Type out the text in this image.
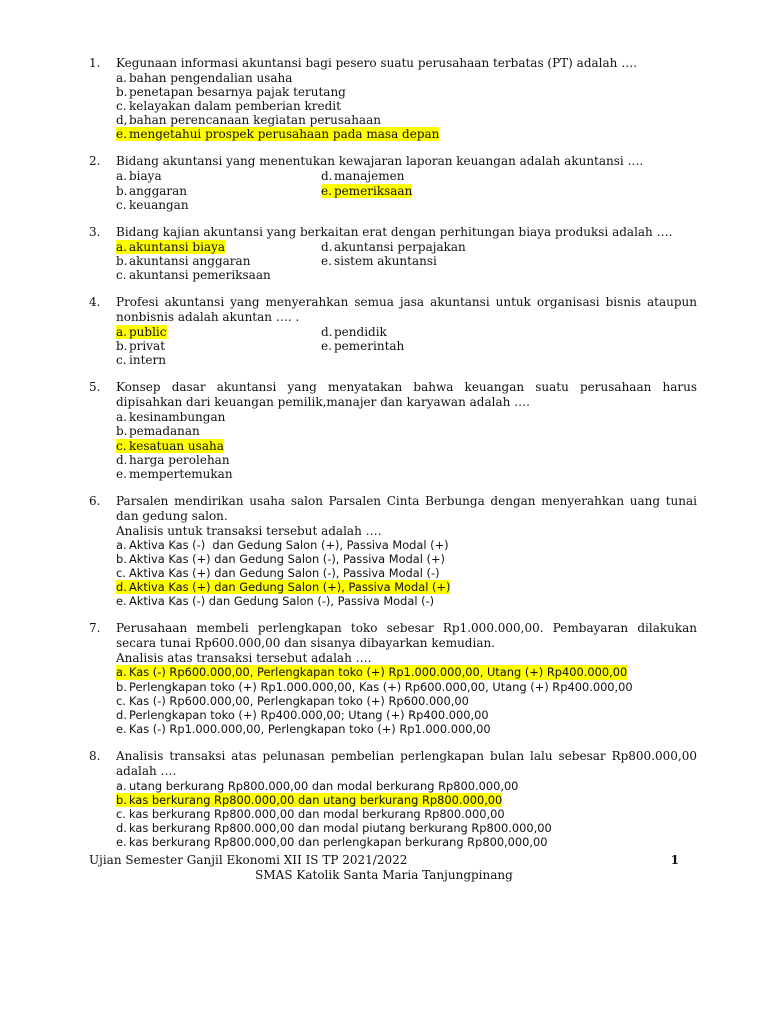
1.	Kegunaan informasi akuntansi bagi pesero suatu perusahaan terbatas (PT) adalah ….
a. bahan pengendalian usaha
b. penetapan besarnya pajak terutang
c. kelayakan dalam pemberian kredit
d, bahan perencanaan kegiatan perusahaan
e. mengetahui prospek perusahaan pada masa depan
2.	Bidang akuntansi yang menentukan kewajaran laporan keuangan adalah akuntansi ….
a. biaya	d. manajemen
b. anggaran	e. pemeriksaan
c. keuangan
3.	Bidang kajian akuntansi yang berkaitan erat dengan perhitungan biaya produksi adalah ….
a. akuntansi biaya	d. akuntansi perpajakan
b. akuntansi anggaran	e. sistem akuntansi
c. akuntansi pemeriksaan
4.	Profesi akuntansi yang menyerahkan semua jasa akuntansi untuk organisasi bisnis ataupun nonbisnis adalah akuntan …. .
a. public	d. pendidik
b. privat	e. pemerintah
c. intern
5.	Konsep dasar akuntansi yang menyatakan bahwa keuangan suatu perusahaan harus dipisahkan dari keuangan pemilik,manajer dan karyawan adalah ….
a. kesinambungan
b. pemadanan
c. kesatuan usaha
d. harga perolehan
e. mempertemukan
6.	Parsalen mendirikan usaha salon Parsalen Cinta Berbunga dengan menyerahkan uang tunai dan gedung salon.
Analisis untuk transaksi tersebut adalah ….
a. Aktiva Kas (-)  dan Gedung Salon (+), Passiva Modal (+)
b. Aktiva Kas (+) dan Gedung Salon (-), Passiva Modal (+)
c. Aktiva Kas (+) dan Gedung Salon (-), Passiva Modal (-)
d. Aktiva Kas (+) dan Gedung Salon (+), Passiva Modal (+)
e. Aktiva Kas (-) dan Gedung Salon (-), Passiva Modal (-)
7.	Perusahaan membeli perlengkapan toko sebesar Rp1.000.000,00. Pembayaran dilakukan secara tunai Rp600.000,00 dan sisanya dibayarkan kemudian.
Analisis atas transaksi tersebut adalah ….
a. Kas (-) Rp600.000,00, Perlengkapan toko (+) Rp1.000.000,00, Utang (+) Rp400.000,00
b. Perlengkapan toko (+) Rp1.000.000,00, Kas (+) Rp600.000,00, Utang (+) Rp400.000,00
c. Kas (-) Rp600.000,00, Perlengkapan toko (+) Rp600.000,00
d. Perlengkapan toko (+) Rp400.000,00; Utang (+) Rp400.000,00
e. Kas (-) Rp1.000.000,00, Perlengkapan toko (+) Rp1.000.000,00
8.	Analisis transaksi atas pelunasan pembelian perlengkapan bulan lalu sebesar Rp800.000,00 adalah ….
a. utang berkurang Rp800.000,00 dan modal berkurang Rp800.000,00
b. kas berkurang Rp800.000,00 dan utang berkurang Rp800.000,00
c. kas berkurang Rp800.000,00 dan modal berkurang Rp800.000,00
d. kas berkurang Rp800.000,00 dan modal piutang berkurang Rp800.000,00
e. kas berkurang Rp800.000,00 dan perlengkapan berkurang Rp800,000,00
Ujian Semester Ganjil Ekonomi XII IS TP 2021/2022	1
SMAS Katolik Santa Maria Tanjungpinang
